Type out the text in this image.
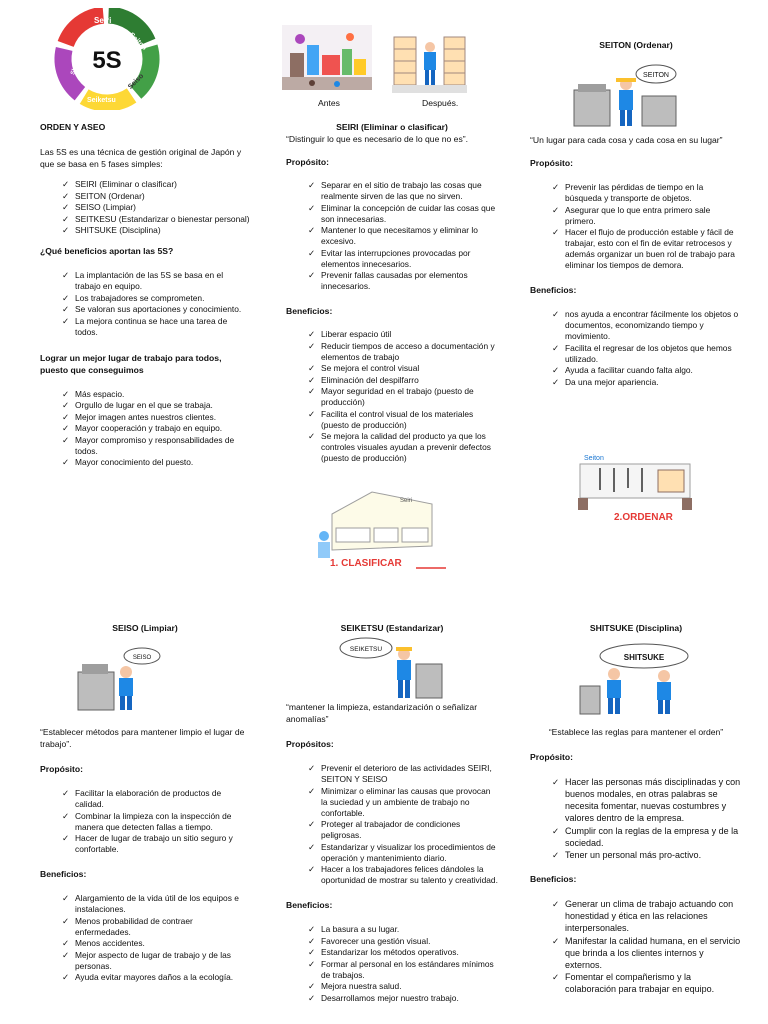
5S
Seiri
Seiton
Seiso
Seiketsu
Shitsuke
Antes	Después.
SEITON
Seiri
1. CLASIFICAR
Seiton
2.ORDENAR
SEISO
SEIKETSU
SHITSUKE
ORDEN Y ASEO

Las 5S es una técnica de gestión original de Japón y que se basa en 5 fases simples:

✓ SEIRI (Eliminar o clasificar)
✓ SEITON (Ordenar)
✓ SEISO (Limpiar)
✓ SEITKESU (Estandarizar o bienestar personal)
✓ SHITSUKE (Disciplina)
¿Qué beneficios aportan las 5S?
✓ La implantación de las 5S se basa en el trabajo en equipo.
✓ Los trabajadores se comprometen.
✓ Se valoran sus aportaciones y conocimiento.
✓ La mejora continua se hace una tarea de todos.
Lograr un mejor lugar de trabajo para todos, puesto que conseguimos
✓ Más espacio.
✓ Orgullo de lugar en el que se trabaja.
✓ Mejor imagen antes nuestros clientes.
✓ Mayor cooperación y trabajo en equipo.
✓ Mayor compromiso y responsabilidades de todos.
✓ Mayor conocimiento del puesto.
SEIRI (Eliminar o clasificar)

“Distinguir lo que es necesario de lo que no es”.

Propósito:
✓ Separar en el sitio de trabajo las cosas que realmente sirven de las que no sirven.
✓ Eliminar la concepción de cuidar las cosas que son innecesarias.
✓ Mantener lo que necesitamos y eliminar lo excesivo.
✓ Evitar las interrupciones provocadas por elementos innecesarios.
✓ Prevenir fallas causadas por elementos innecesarios.
Beneficios:
✓ Liberar espacio útil
✓ Reducir tiempos de acceso a documentación y elementos de trabajo
✓ Se mejora el control visual
✓ Eliminación del despilfarro
✓ Mayor seguridad en el trabajo (puesto de producción)
✓ Facilita el control visual de los materiales (puesto de producción)
✓ Se mejora la calidad del producto ya que los controles visuales ayudan a prevenir defectos (puesto de producción)
SEITON (Ordenar)

“Un lugar para cada cosa y cada cosa en su lugar”

Propósito:
✓ Prevenir las pérdidas de tiempo en la búsqueda y transporte de objetos.
✓ Asegurar que lo que entra primero sale primero.
✓ Hacer el flujo de producción estable y fácil de trabajar, esto con el fin de evitar retrocesos y además organizar un buen rol de trabajo para eliminar los tiempos de demora.
Beneficios:
✓ nos ayuda a encontrar fácilmente los objetos o documentos, economizando tiempo y movimiento.
✓ Facilita el regresar de los objetos que hemos utilizado.
✓ Ayuda a facilitar cuando falta algo.
✓ Da una mejor apariencia.
SEISO (Limpiar)

“Establecer métodos para mantener limpio el lugar de trabajo”.

Propósito:
✓ Facilitar la elaboración de productos de calidad.
✓ Combinar la limpieza con la inspección de manera que detecten fallas a tiempo.
✓ Hacer de lugar de trabajo un sitio seguro y confortable.
Beneficios:
✓ Alargamiento de la vida útil de los equipos e instalaciones.
✓ Menos probabilidad de contraer enfermedades.
✓ Menos accidentes.
✓ Mejor aspecto de lugar de trabajo y de las personas.
✓ Ayuda evitar mayores daños a la ecología.
SEIKETSU (Estandarizar)

“mantener la limpieza, estandarización o señalizar anomalías”

Propósitos:
✓ Prevenir el deterioro de las actividades SEIRI, SEITON Y SEISO
✓ Minimizar o eliminar las causas que provocan la suciedad y un ambiente de trabajo no confortable.
✓ Proteger al trabajador de condiciones peligrosas.
✓ Estandarizar y visualizar los procedimientos de operación y mantenimiento diario.
✓ Hacer a los trabajadores felices dándoles la oportunidad de mostrar su talento y creatividad.
Beneficios:
✓ La basura a su lugar.
✓ Favorecer una gestión visual.
✓ Estandarizar los métodos operativos.
✓ Formar al personal en los estándares mínimos de trabajos.
✓ Mejora nuestra salud.
✓ Desarrollamos mejor nuestro trabajo.
SHITSUKE (Disciplina)

“Establece las reglas para mantener el orden”

Propósito:
✓ Hacer las personas más disciplinadas y con buenos modales, en otras palabras se necesita fomentar, nuevas costumbres y valores dentro de la empresa.
✓ Cumplir con la reglas de la empresa y de la sociedad.
✓ Tener un personal más pro-activo.
Beneficios:
✓ Generar un clima de trabajo actuando con honestidad y ética en las relaciones interpersonales.
✓ Manifestar la calidad humana, en el servicio que brinda a los clientes internos y externos.
✓ Fomentar el compañerismo y la colaboración para trabajar en equipo.
